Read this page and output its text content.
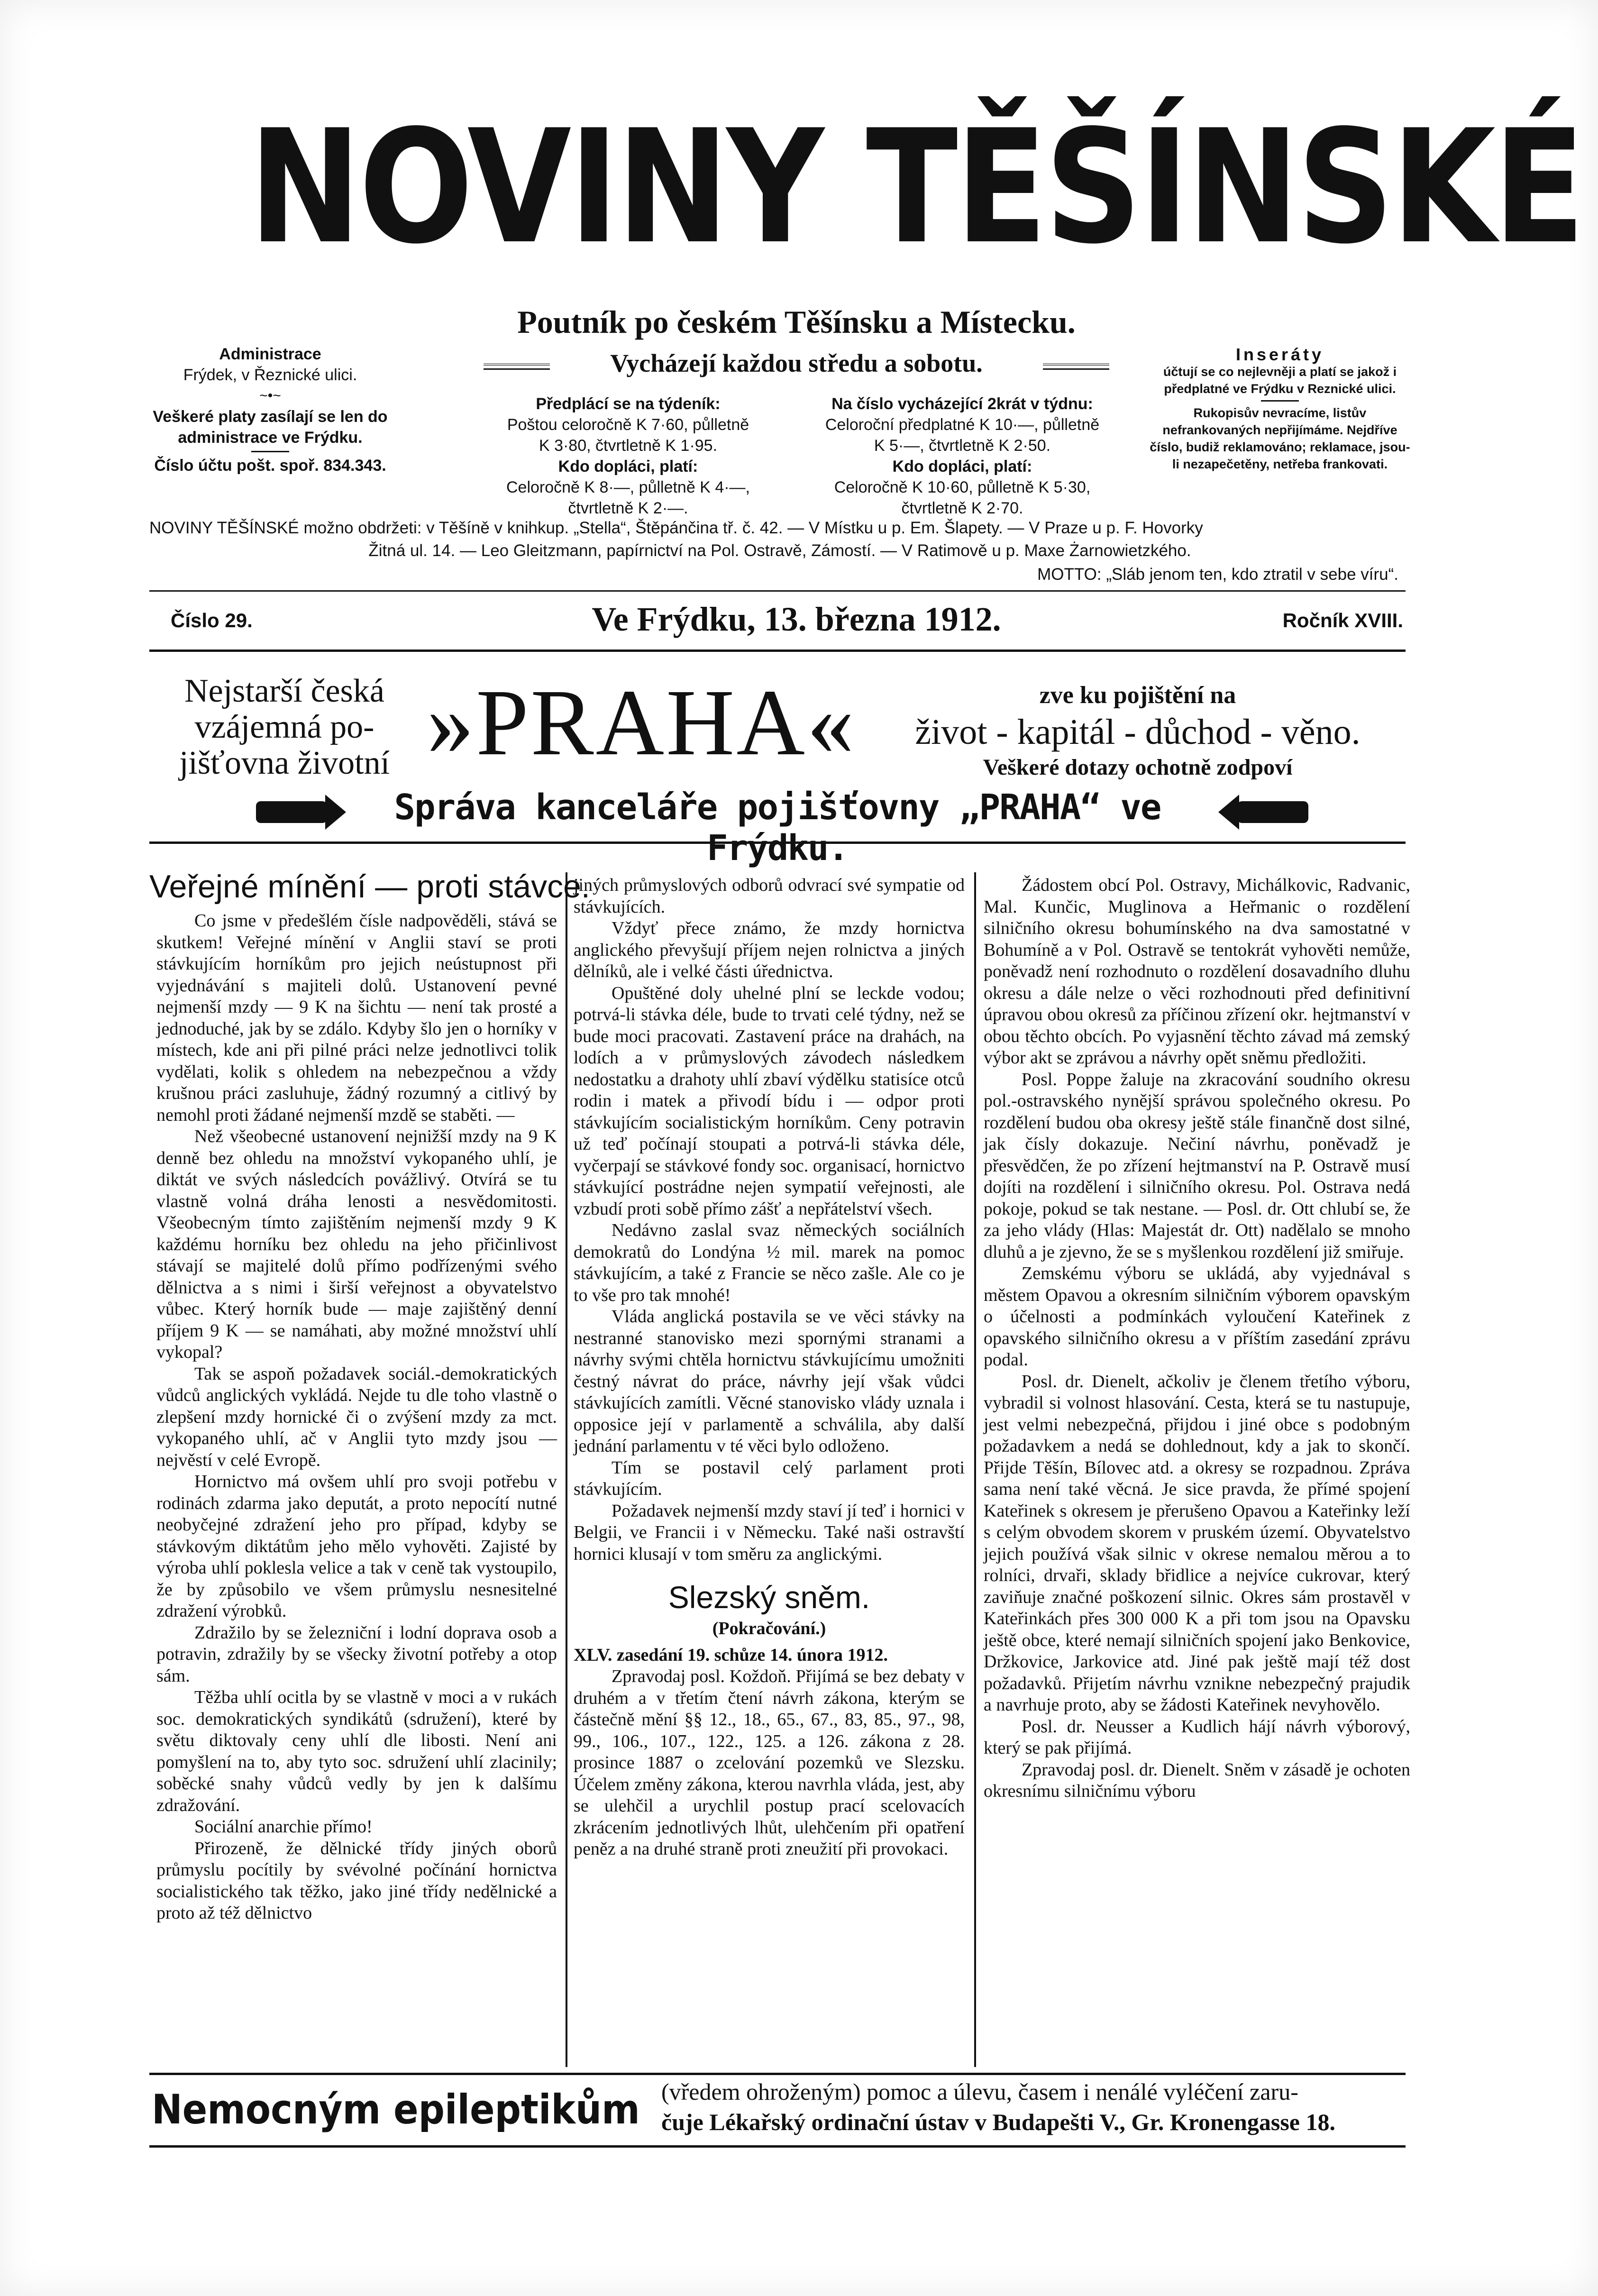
NOVINY TĚŠÍNSKÉ
Poutník po českém Těšínsku a Místecku.
Vycházejí každou středu a sobotu.
Administrace
Frýdek, v Řeznické ulici.
~•~
Veškeré platy zasílají se len do administrace ve Frýdku.
Číslo účtu pošt. spoř. 834.343.
Předplácí se na týdeník:
Poštou celoročně K 7·60, půlletně
K 3·80, čtvrtletně K 1·95.
Kdo dopláci, platí:
Celoročně K 8·—, půlletně K 4·—,
čtvrtletně K 2·—.
Na číslo vycházející 2krát v týdnu:
Celoroční předplatné K 10·—, půlletně
K 5·—, čtvrtletně K 2·50.
Kdo dopláci, platí:
Celoročně K 10·60, půlletně K 5·30,
čtvrtletně K 2·70.
Inseráty
účtují se co nejlevněji a platí se jakož i předplatné ve Frýdku v Reznické ulici.
Rukopisův nevracíme, listův nefrankovaných nepřijímáme. Nejdříve číslo, budiž reklamováno; reklamace, jsou-li nezapečetěny, netřeba frankovati.
NOVINY TĚŠÍNSKÉ možno obdržeti: v Těšíně v knihkup. „Stella“, Štěpánčina tř. č. 42. — V Místku u p. Em. Šlapety. — V Praze u p. F. Hovorky
Žitná ul. 14. — Leo Gleitzmann, papírnictví na Pol. Ostravě, Zámostí. — V Ratimově u p. Maxe Żarnowietzkého.
MOTTO: „Sláb jenom ten, kdo ztratil v sebe víru“.
Číslo 29.	Ve Frýdku, 13. března 1912.	Ročník XVIII.
Nejstarší česká
vzájemná po-
jišťovna životní »PRAHA«	zve ku pojištění na
život - kapitál - důchod - věno.
Veškeré dotazy ochotně zodpoví
Správa kanceláře pojišťovny „PRAHA“ ve Frýdku.
Veřejné mínění — proti stávce.

Co jsme v předešlém čísle nadpověděli, stává se skutkem! Veřejné mínění v Anglii staví se proti stávkujícím horníkům pro jejich neústupnost při vyjednávání s majiteli dolů. Ustanovení pevné nejmenší mzdy — 9 K na šichtu — není tak prosté a jednoduché, jak by se zdálo. Kdyby šlo jen o horníky v místech, kde ani při pilné práci nelze jednotlivci tolik vydělati, kolik s ohledem na nebezpečnou a vždy krušnou práci zasluhuje, žádný rozumný a citlivý by nemohl proti žádané nejmenší mzdě se staběti. —

Než všeobecné ustanovení nejnižší mzdy na 9 K denně bez ohledu na množství vykopaného uhlí, je diktát ve svých následcích povážlivý. Otvírá se tu vlastně volná dráha lenosti a nesvědomitosti. Všeobecným tímto zajištěním nejmenší mzdy 9 K každému horníku bez ohledu na jeho přičinlivost stávají se majitelé dolů přímo podřízenými svého dělnictva a s nimi i širší veřejnost a obyvatelstvo vůbec. Který horník bude — maje zajištěný denní příjem 9 K — se namáhati, aby možné množství uhlí vykopal?

Tak se aspoň požadavek sociál.-demokratických vůdců anglických vykládá. Nejde tu dle toho vlastně o zlepšení mzdy hornické či o zvýšení mzdy za mct. vykopaného uhlí, ač v Anglii tyto mzdy jsou — nejvěstí v celé Evropě.

Hornictvo má ovšem uhlí pro svoji potřebu v rodinách zdarma jako deputát, a proto nepocítí nutné neobyčejné zdražení jeho pro případ, kdyby se stávkovým diktátům jeho mělo vyhověti. Zajisté by výroba uhlí poklesla velice a tak v ceně tak vystoupilo, že by způsobilo ve všem průmyslu nesnesitelné zdražení výrobků.

Zdražilo by se železniční i lodní doprava osob a potravin, zdražily by se všecky životní potřeby a otop sám.

Těžba uhlí ocitla by se vlastně v moci a v rukách soc. demokratických syndikátů (sdružení), které by světu diktovaly ceny uhlí dle libosti. Není ani pomyšlení na to, aby tyto soc. sdružení uhlí zlacinily; soběcké snahy vůdců vedly by jen k dalšímu zdražování.

Sociální anarchie přímo!

Přirozeně, že dělnické třídy jiných oborů průmyslu pocítily by svévolné počínání hornictva socialistického tak těžko, jako jiné třídy nedělnické a proto až též dělnictvo

jiných průmyslových odborů odvrací své sympatie od stávkujících.

Vždyť přece známo, že mzdy hornictva anglického převyšují příjem nejen rolnictva a jiných dělníků, ale i velké části úřednictva.

Opuštěné doly uhelné plní se leckde vodou; potrvá-li stávka déle, bude to trvati celé týdny, než se bude moci pracovati. Zastavení práce na drahách, na lodích a v průmyslových závodech následkem nedostatku a drahoty uhlí zbaví výdělku statisíce otců rodin i matek a přivodí bídu i — odpor proti stávkujícím socialistickým horníkům. Ceny potravin už teď počínají stoupati a potrvá-li stávka déle, vyčerpají se stávkové fondy soc. organisací, hornictvo stávkující postrádne nejen sympatií veřejnosti, ale vzbudí proti sobě přímo zášť a nepřátelství všech.

Nedávno zaslal svaz německých sociálních demokratů do Londýna ½ mil. marek na pomoc stávkujícím, a také z Francie se něco zašle. Ale co je to vše pro tak mnohé!

Vláda anglická postavila se ve věci stávky na nestranné stanovisko mezi spornými stranami a návrhy svými chtěla hornictvu stávkujícímu umožniti čestný návrat do práce, návrhy její však vůdci stávkujících zamítli. Věcné stanovisko vlády uznala i opposice její v parlamentě a schválila, aby další jednání parlamentu v té věci bylo odloženo.

Tím se postavil celý parlament proti stávkujícím.

Požadavek nejmenší mzdy staví jí teď i hornici v Belgii, ve Francii i v Německu. Také naši ostravští hornici klusají v tom směru za anglickými.

Slezský sněm.
(Pokračování.)
XLV. zasedání 19. schůze 14. února 1912.

Zpravodaj posl. Koždoň. Přijímá se bez debaty v druhém a v třetím čtení návrh zákona, kterým se částečně mění §§ 12., 18., 65., 67., 83, 85., 97., 98, 99., 106., 107., 122., 125. a 126. zákona z 28. prosince 1887 o zcelování pozemků ve Slezsku. Účelem změny zákona, kterou navrhla vláda, jest, aby se ulehčil a urychlil postup prací scelovacích zkrácením jednotlivých lhůt, ulehčením při opatření peněz a na druhé straně proti zneužití při provokaci.

Žádostem obcí Pol. Ostravy, Michálkovic, Radvanic, Mal. Kunčic, Muglinova a Heřmanic o rozdělení silničního okresu bohumínského na dva samostatné v Bohumíně a v Pol. Ostravě se tentokrát vyhověti nemůže, poněvadž není rozhodnuto o rozdělení dosavadního dluhu okresu a dále nelze o věci rozhodnouti před definitivní úpravou obou okresů za příčinou zřízení okr. hejtmanství v obou těchto obcích. Po vyjasnění těchto závad má zemský výbor akt se zprávou a návrhy opět sněmu předložiti.

Posl. Poppe žaluje na zkracování soudního okresu pol.-ostravského nynější správou společného okresu. Po rozdělení budou oba okresy ještě stále finančně dost silné, jak čísly dokazuje. Nečiní návrhu, poněvadž je přesvědčen, že po zřízení hejtmanství na P. Ostravě musí dojíti na rozdělení i silničního okresu. Pol. Ostrava nedá pokoje, pokud se tak nestane. — Posl. dr. Ott chlubí se, že za jeho vlády (Hlas: Majestát dr. Ott) nadělalo se mnoho dluhů a je zjevno, že se s myšlenkou rozdělení již smiřuje.

Zemskému výboru se ukládá, aby vyjednával s městem Opavou a okresním silničním výborem opavským o účelnosti a podmínkách vyloučení Kateřinek z opavského silničního okresu a v příštím zasedání zprávu podal.

Posl. dr. Dienelt, ačkoliv je členem třetího výboru, vybradil si volnost hlasování. Cesta, která se tu nastupuje, jest velmi nebezpečná, přijdou i jiné obce s podobným požadavkem a nedá se dohlednout, kdy a jak to skončí. Přijde Těšín, Bílovec atd. a okresy se rozpadnou. Zpráva sama není také věcná. Je sice pravda, že přímé spojení Kateřinek s okresem je přerušeno Opavou a Kateřinky leží s celým obvodem skorem v pruském území. Obyvatelstvo jejich používá však silnic v okrese nemalou měrou a to rolníci, drvaři, sklady břidlice a nejvíce cukrovar, který zaviňuje značné poškození silnic. Okres sám prostavěl v Kateřinkách přes 300 000 K a při tom jsou na Opavsku ještě obce, které nemají silničních spojení jako Benkovice, Držkovice, Jarkovice atd. Jiné pak ještě mají též dost požadavků. Přijetím návrhu vznikne nebezpečný prajudik a navrhuje proto, aby se žádosti Kateřinek nevyhovělo.

Posl. dr. Neusser a Kudlich hájí návrh výborový, který se pak přijímá.

Zpravodaj posl. dr. Dienelt. Sněm v zásadě je ochoten okresnímu silničnímu výboru

Nemocným epileptikům (vředem ohroženým) pomoc a úlevu, časem i nenálé vyléčení zaru-
čuje Lékařský ordinační ústav v Budapešti V., Gr. Kronengasse 18.
